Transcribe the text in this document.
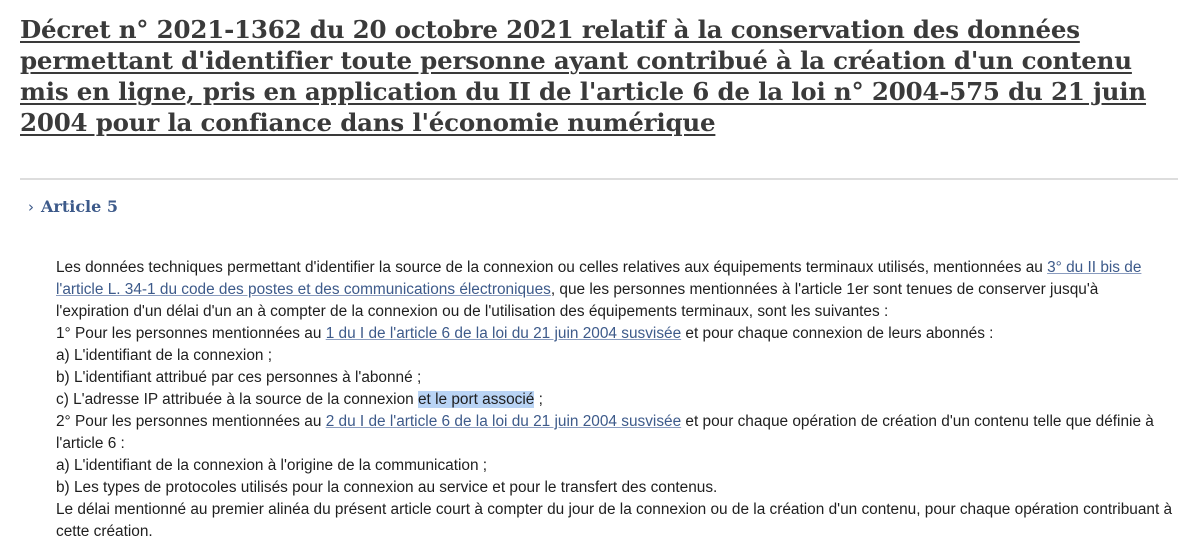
Décret n° 2021-1362 du 20 octobre 2021 relatif à la conservation des données permettant d'identifier toute personne ayant contribué à la création d'un contenu mis en ligne, pris en application du II de l'article 6 de la loi n° 2004-575 du 21 juin 2004 pour la confiance dans l'économie numérique
› Article 5

Les données techniques permettant d'identifier la source de la connexion ou celles relatives aux équipements terminaux utilisés, mentionnées au 3° du II bis de l'article L. 34-1 du code des postes et des communications électroniques, que les personnes mentionnées à l'article 1er sont tenues de conserver jusqu'à l'expiration d'un délai d'un an à compter de la connexion ou de l'utilisation des équipements terminaux, sont les suivantes :

1° Pour les personnes mentionnées au 1 du I de l'article 6 de la loi du 21 juin 2004 susvisée et pour chaque connexion de leurs abonnés :

a) L'identifiant de la connexion ;

b) L'identifiant attribué par ces personnes à l'abonné ;

c) L'adresse IP attribuée à la source de la connexion et le port associé ;

2° Pour les personnes mentionnées au 2 du I de l'article 6 de la loi du 21 juin 2004 susvisée et pour chaque opération de création d'un contenu telle que définie à l'article 6 :

a) L'identifiant de la connexion à l'origine de la communication ;

b) Les types de protocoles utilisés pour la connexion au service et pour le transfert des contenus.

Le délai mentionné au premier alinéa du présent article court à compter du jour de la connexion ou de la création d'un contenu, pour chaque opération contribuant à cette création.
